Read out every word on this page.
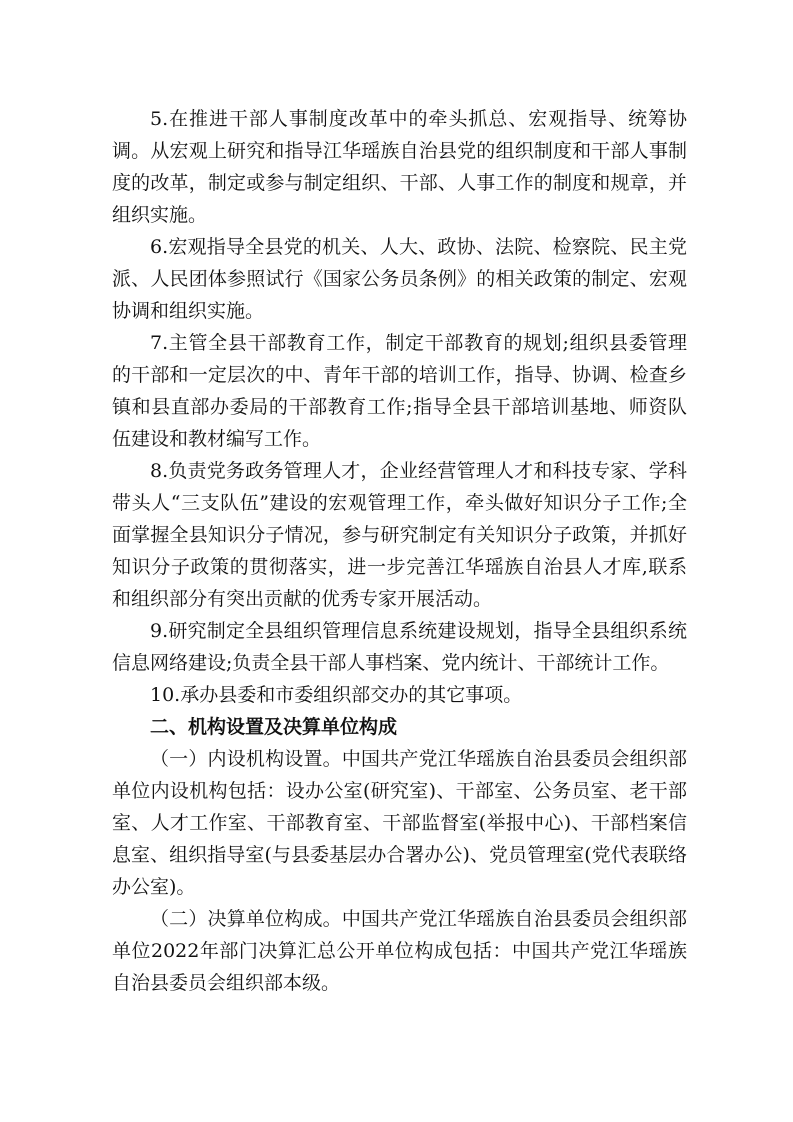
5.在推进干部人事制度改革中的牵头抓总、宏观指导、统筹协调。从宏观上研究和指导江华瑶族自治县党的组织制度和干部人事制度的改革，制定或参与制定组织、干部、人事工作的制度和规章，并组织实施。

6.宏观指导全县党的机关、人大、政协、法院、检察院、民主党派、人民团体参照试行《国家公务员条例》的相关政策的制定、宏观协调和组织实施。

7.主管全县干部教育工作，制定干部教育的规划;组织县委管理的干部和一定层次的中、青年干部的培训工作，指导、协调、检查乡镇和县直部办委局的干部教育工作;指导全县干部培训基地、师资队伍建设和教材编写工作。

8.负责党务政务管理人才，企业经营管理人才和科技专家、学科带头人“三支队伍”建设的宏观管理工作，牵头做好知识分子工作;全面掌握全县知识分子情况，参与研究制定有关知识分子政策，并抓好知识分子政策的贯彻落实，进一步完善江华瑶族自治县人才库,联系和组织部分有突出贡献的优秀专家开展活动。

9.研究制定全县组织管理信息系统建设规划，指导全县组织系统信息网络建设;负责全县干部人事档案、党内统计、干部统计工作。

10.承办县委和市委组织部交办的其它事项。

二、机构设置及决算单位构成

（一）内设机构设置。中国共产党江华瑶族自治县委员会组织部单位内设机构包括：设办公室(研究室)、干部室、公务员室、老干部室、人才工作室、干部教育室、干部监督室(举报中心)、干部档案信息室、组织指导室(与县委基层办合署办公)、党员管理室(党代表联络办公室)。

（二）决算单位构成。中国共产党江华瑶族自治县委员会组织部单位2022年部门决算汇总公开单位构成包括：中国共产党江华瑶族自治县委员会组织部本级。
